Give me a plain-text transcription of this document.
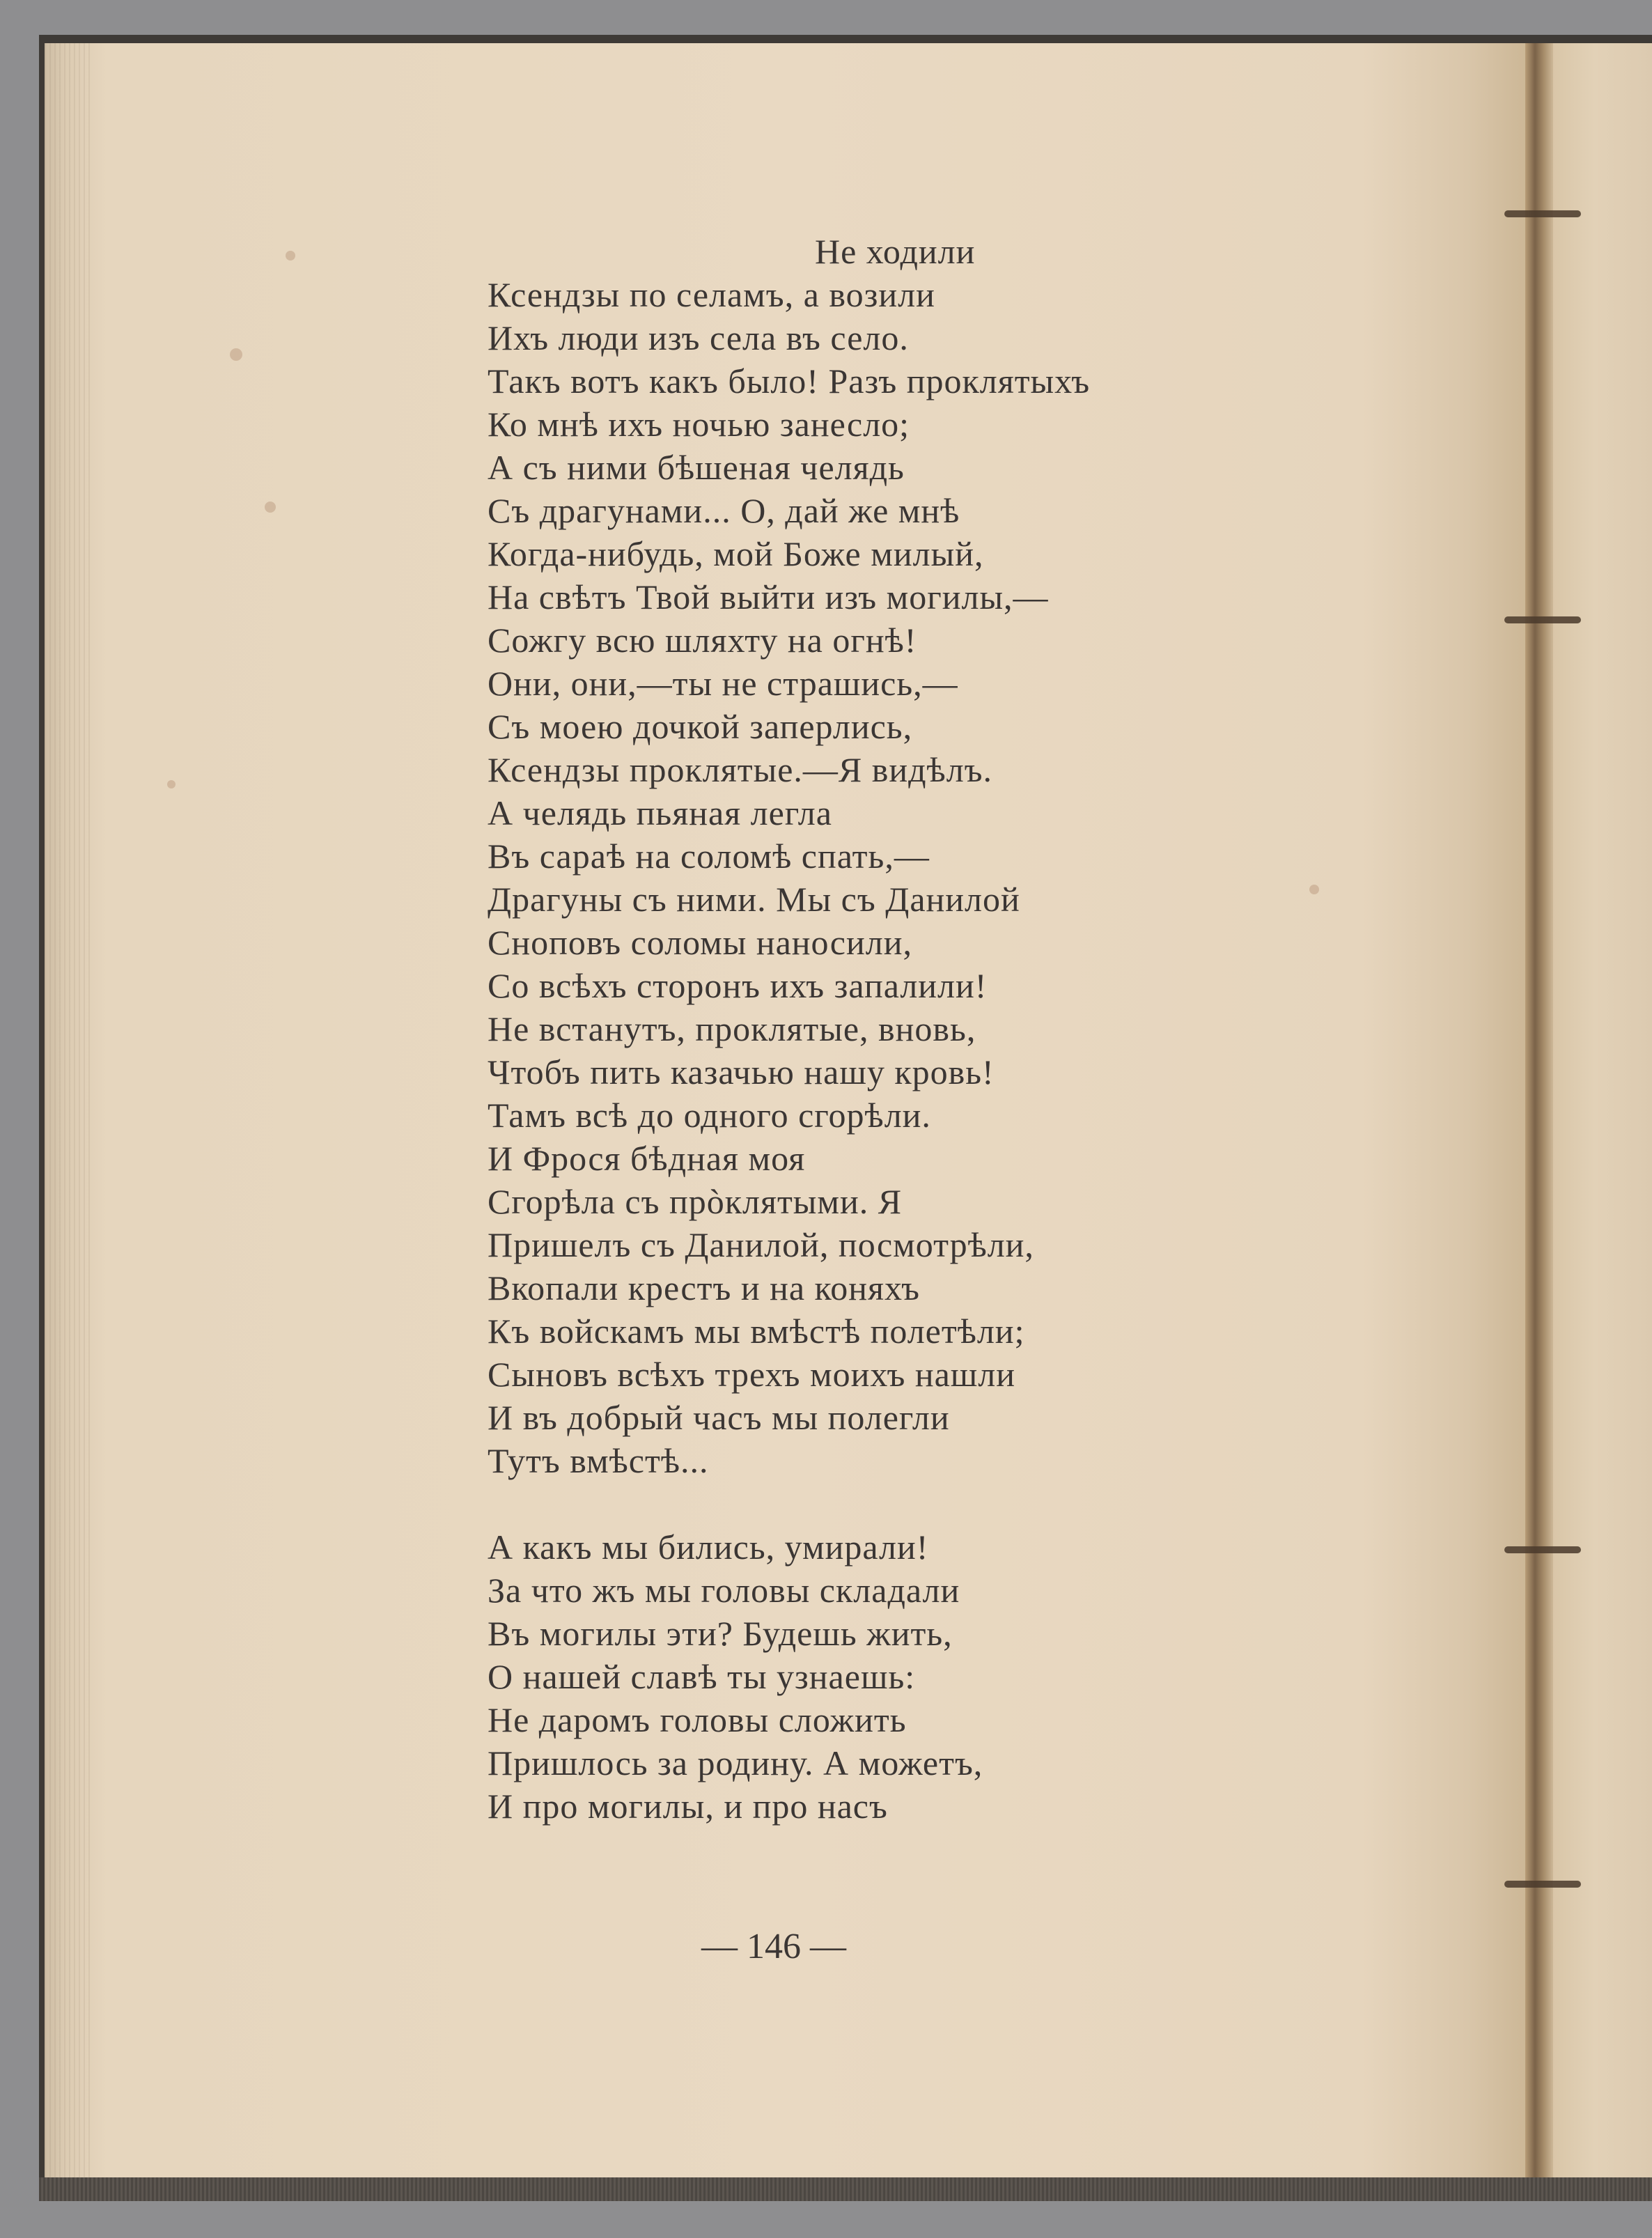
Не ходили
Ксендзы по селамъ, а возили
Ихъ люди изъ села въ село.
Такъ вотъ какъ было! Разъ проклятыхъ
Ко мнѣ ихъ ночью занесло;
А съ ними бѣшеная челядь
Съ драгунами... О, дай же мнѣ
Когда-нибудь, мой Боже милый,
На свѣтъ Твой выйти изъ могилы,—
Сожгу всю шляхту на огнѣ!
Они, они,—ты не страшись,—
Съ моею дочкой заперлись,
Ксендзы проклятые.—Я видѣлъ.
А челядь пьяная легла
Въ сараѣ на соломѣ спать,—
Драгуны съ ними. Мы съ Данилой
Сноповъ соломы наносили,
Со всѣхъ сторонъ ихъ запалили!
Не встанутъ, проклятые, вновь,
Чтобъ пить казачью нашу кровь!
Тамъ всѣ до одного сгорѣли.
И Фрося бѣдная моя
Сгорѣла съ прòклятыми. Я
Пришелъ съ Данилой, посмотрѣли,
Вкопали крестъ и на коняхъ
Къ войскамъ мы вмѣстѣ полетѣли;
Сыновъ всѣхъ трехъ моихъ нашли
И въ добрый часъ мы полегли
Тутъ вмѣстѣ...
А какъ мы бились, умирали!
За что жъ мы головы складали
Въ могилы эти? Будешь жить,
О нашей славѣ ты узнаешь:
Не даромъ головы сложить
Пришлось за родину. А можетъ,
И про могилы, и про насъ
— 146 —
